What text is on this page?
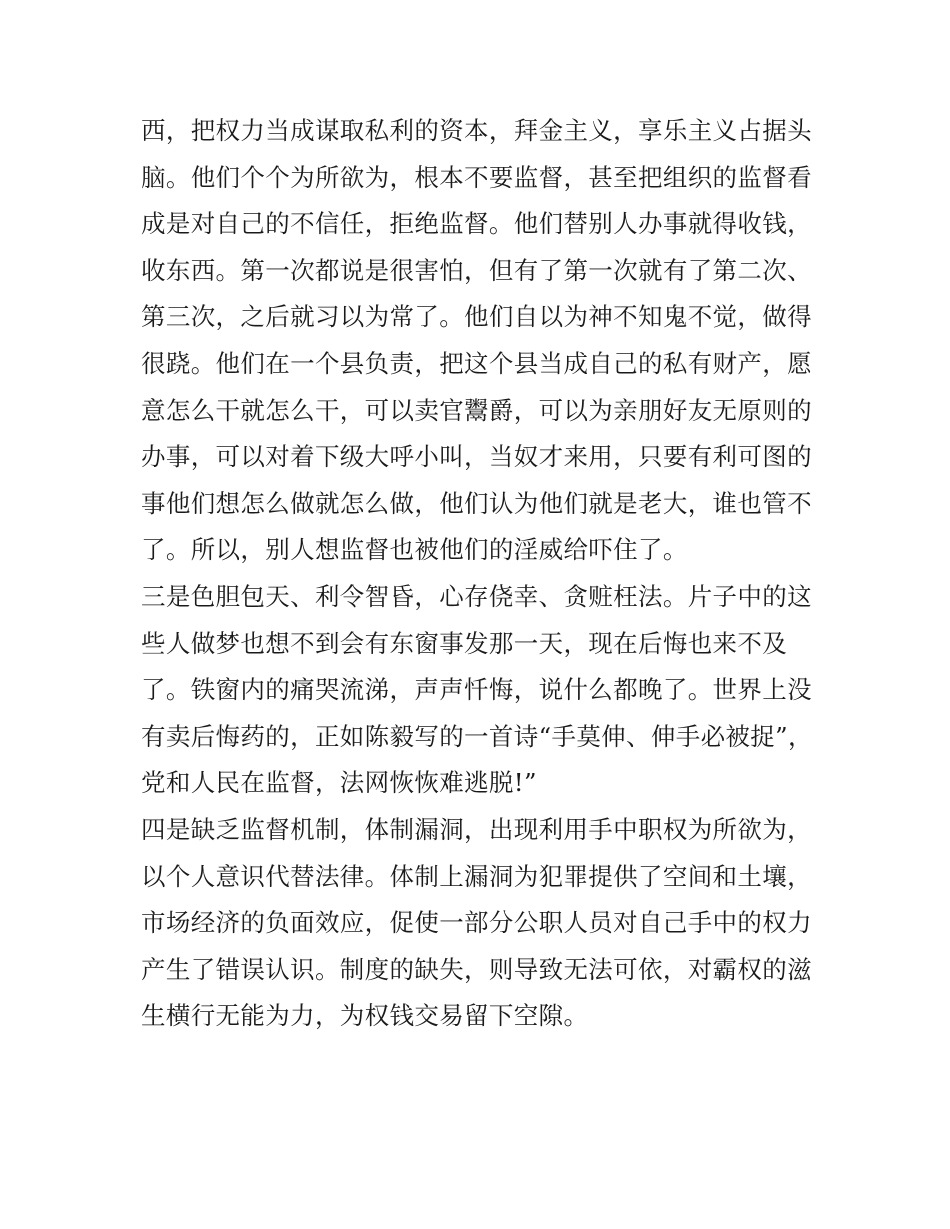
西，把权力当成谋取私利的资本，拜金主义，享乐主义占据头
脑。他们个个为所欲为，根本不要监督，甚至把组织的监督看
成是对自己的不信任，拒绝监督。他们替别人办事就得收钱，
收东西。第一次都说是很害怕，但有了第一次就有了第二次、
第三次，之后就习以为常了。他们自以为神不知鬼不觉，做得
很跷。他们在一个县负责，把这个县当成自己的私有财产，愿
意怎么干就怎么干，可以卖官鬻爵，可以为亲朋好友无原则的
办事，可以对着下级大呼小叫，当奴才来用，只要有利可图的
事他们想怎么做就怎么做，他们认为他们就是老大，谁也管不
了。所以，别人想监督也被他们的淫威给吓住了。
三是色胆包天、利令智昏，心存侥幸、贪赃枉法。片子中的这
些人做梦也想不到会有东窗事发那一天，现在后悔也来不及
了。铁窗内的痛哭流涕，声声忏悔，说什么都晚了。世界上没
有卖后悔药的，正如陈毅写的一首诗“手莫伸、伸手必被捉”，
党和人民在监督，法网恢恢难逃脱!”
四是缺乏监督机制，体制漏洞，出现利用手中职权为所欲为，
以个人意识代替法律。体制上漏洞为犯罪提供了空间和土壤，
市场经济的负面效应，促使一部分公职人员对自己手中的权力
产生了错误认识。制度的缺失，则导致无法可依，对霸权的滋
生横行无能为力，为权钱交易留下空隙。
